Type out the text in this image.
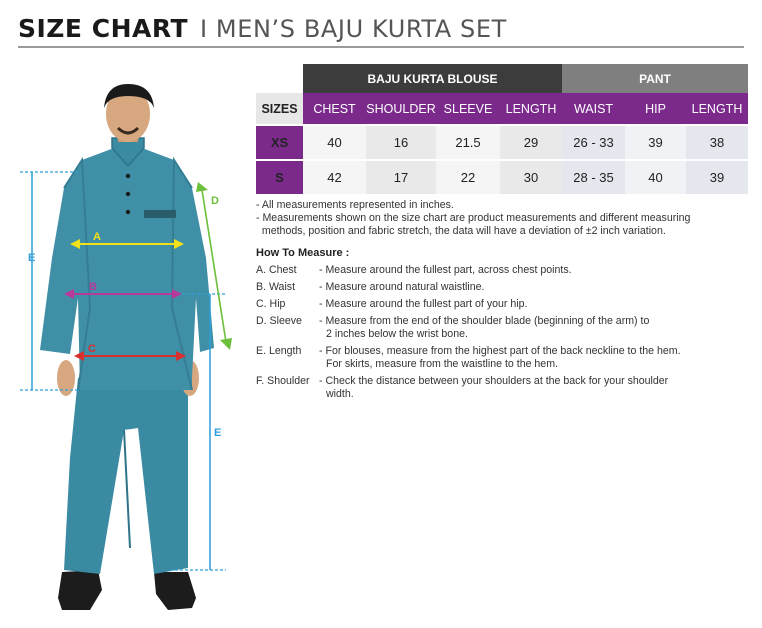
SIZE CHART I MEN’S BAJU KURTA SET
E
E
D
A
B
C
	BAJU KURTA BLOUSE				PANT		
SIZES	CHEST	SHOULDER	SLEEVE	LENGTH	WAIST	HIP	LENGTH
XS	40	16	21.5	29	26 - 33	39	38
S	42	17	22	30	28 - 35	40	39

- All measurements represented in inches.

- Measurements shown on the size chart are product measurements and different measuring

methods, position and fabric stretch, the data will have a deviation of ±2 inch variation.

How To Measure :
A. Chest	- Measure around the fullest part, across chest points.
B. Waist	- Measure around natural waistline.
C. Hip	- Measure around the fullest part of your hip.
D. Sleeve	- Measure from the end of the shoulder blade (beginning of the arm) to
2 inches below the wrist bone.
E. Length	- For blouses, measure from the highest part of the back neckline to the hem.
For skirts, measure from the waistline to the hem.
F. Shoulder - Check the distance between your shoulders at the back for your shoulder
width.
